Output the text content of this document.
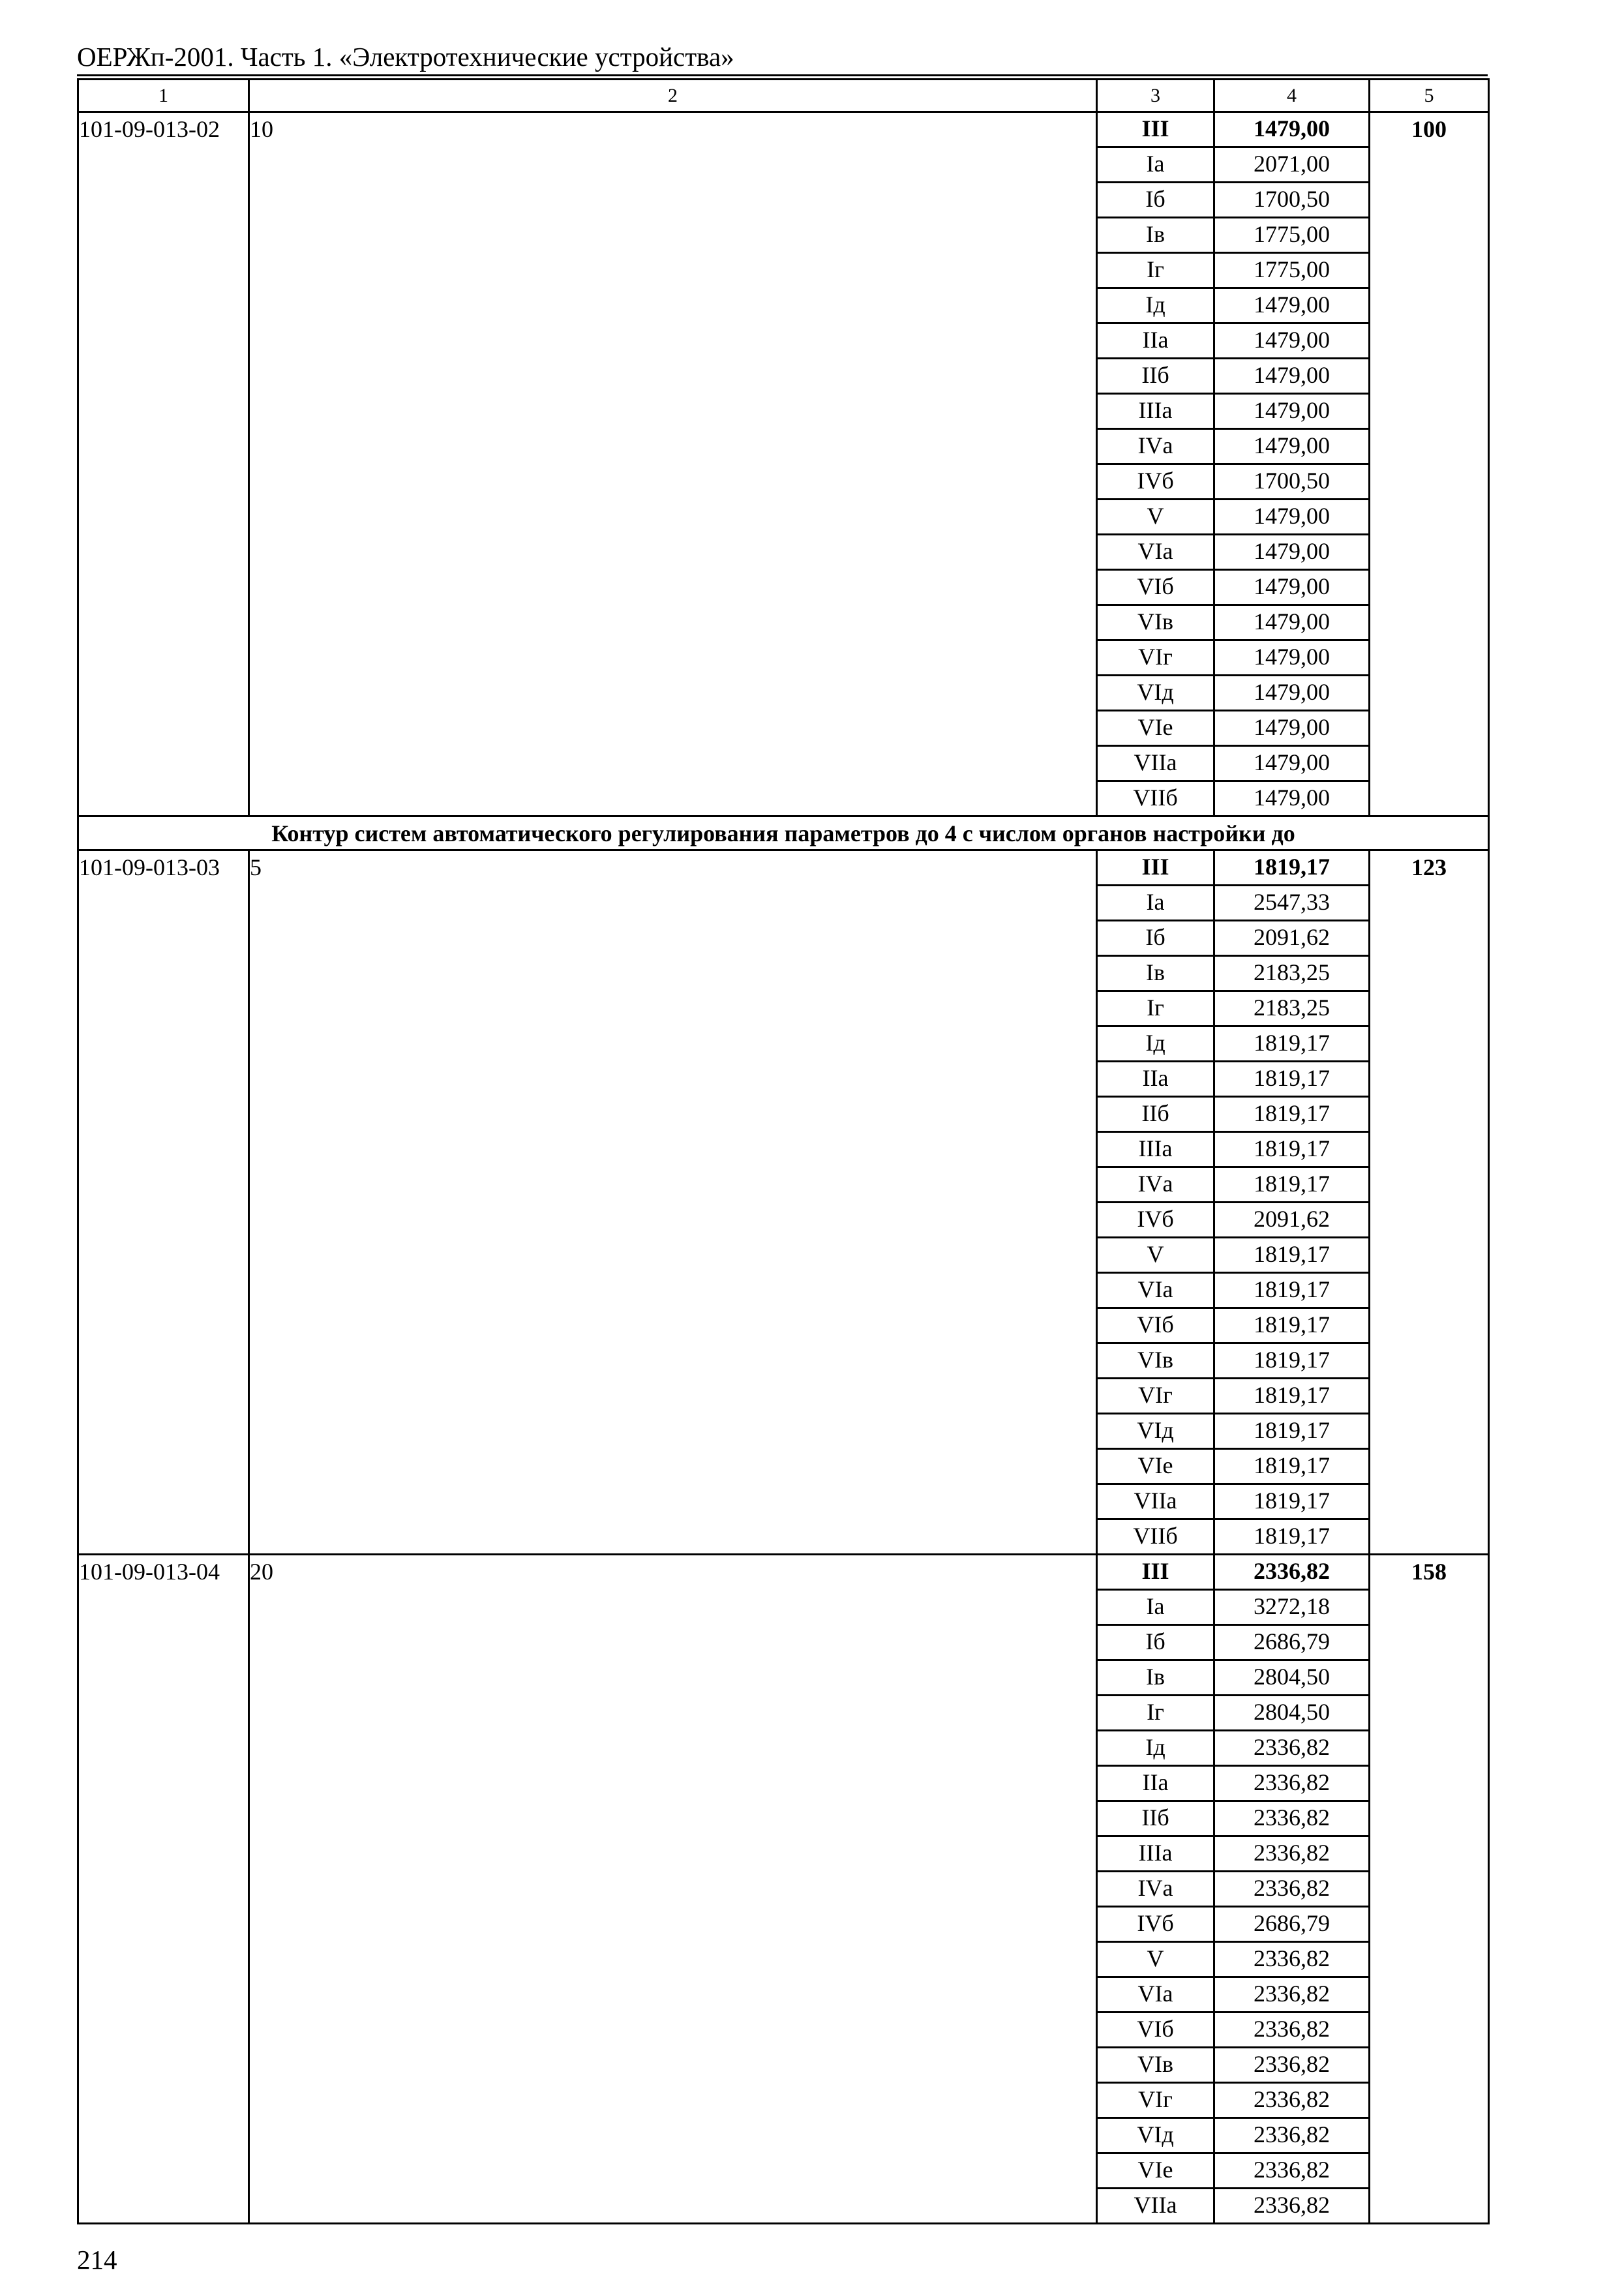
ОЕРЖп-2001. Часть 1. «Электротехнические устройства»
1	2	3	4	5
101-09-013-02	10	III	1479,00	100
		Iа	2071,00	
		Iб	1700,50	
		Iв	1775,00	
		Iг	1775,00	
		Iд	1479,00	
		IIа	1479,00	
		IIб	1479,00	
		IIIа	1479,00	
		IVа	1479,00	
		IVб	1700,50	
		V	1479,00	
		VIа	1479,00	
		VIб	1479,00	
		VIв	1479,00	
		VIг	1479,00	
		VIд	1479,00	
		VIе	1479,00	
		VIIа	1479,00	
		VIIб	1479,00	
Контур систем автоматического регулирования параметров до 4 с числом органов настройки до				
101-09-013-03	5	III	1819,17	123
		Iа	2547,33	
		Iб	2091,62	
		Iв	2183,25	
		Iг	2183,25	
		Iд	1819,17	
		IIа	1819,17	
		IIб	1819,17	
		IIIа	1819,17	
		IVа	1819,17	
		IVб	2091,62	
		V	1819,17	
		VIа	1819,17	
		VIб	1819,17	
		VIв	1819,17	
		VIг	1819,17	
		VIд	1819,17	
		VIе	1819,17	
		VIIа	1819,17	
		VIIб	1819,17	
101-09-013-04	20	III	2336,82	158
		Iа	3272,18	
		Iб	2686,79	
		Iв	2804,50	
		Iг	2804,50	
		Iд	2336,82	
		IIа	2336,82	
		IIб	2336,82	
		IIIа	2336,82	
		IVа	2336,82	
		IVб	2686,79	
		V	2336,82	
		VIа	2336,82	
		VIб	2336,82	
		VIв	2336,82	
		VIг	2336,82	
		VIд	2336,82	
		VIе	2336,82	
		VIIа	2336,82	
214
